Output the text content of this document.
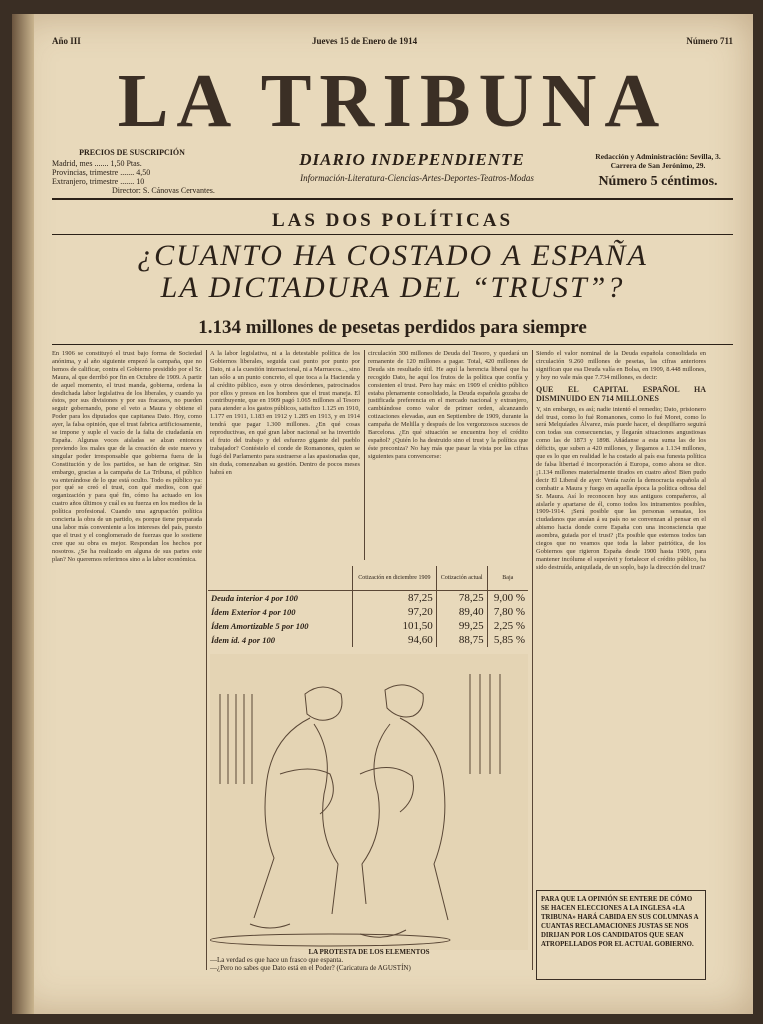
Año III	Jueves 15 de Enero de 1914	Número 711
LA TRIBUNA
PRECIOS DE SUSCRIPCIÓN
Madrid, mes ....... 1,50 Ptas.
Provincias, trimestre ....... 4,50
Extranjero, trimestre ....... 10
Director: S. Cánovas Cervantes.
DIARIO INDEPENDIENTE
Información-Literatura-Ciencias-Artes-Deportes-Teatros-Modas
Redacción y Administración: Sevilla, 3. Carrera de San Jerónimo, 29.
Número 5 céntimos.
LAS DOS POLÍTICAS
¿CUANTO HA COSTADO A ESPAÑA
LA DICTADURA DEL “TRUST”?
1.134 millones de pesetas perdidos para siempre
En 1906 se constituyó el trust bajo forma de Sociedad anónima, y al año siguiente empezó la campaña, que no hemos de calificar, contra el Gobierno presidido por el Sr. Maura, al que derribó por fin en Octubre de 1909. A partir de aquel momento, el trust manda, gobierna, ordena la desdichada labor legislativa de los liberales, y cuando ya éstos, por sus divisiones y por sus fracasos, no pueden seguir gobernando, pone el veto a Maura y obtiene el Poder para los diputados que capitanea Dato. Hoy, como ayer, la falsa opinión, que el trust fabrica artificiosamente, se impone y suple el vacío de la falta de ciudadanía en España. Algunas voces aisladas se alzan entonces previendo los males que de la creación de este nuevo y singular poder irresponsable que gobierna fuera de la Constitución y de los partidos, se han de originar. Sin embargo, gracias a la campaña de La Tribuna, el público va enterándose de lo que está oculto. Todo es público ya: por qué se creó el trust, con qué medios, con qué organización y para qué fin, cómo ha actuado en los cuatro años últimos y cuál es su fuerza en los medios de la política profesional. Cuando una agrupación política concierta la obra de un partido, es porque tiene preparada una labor más conveniente a los intereses del país, puesto que el trust y el conglomerado de fuerzas que lo sostiene cree que su obra es mejor. Respondan los hechos por nosotros. ¿Se ha realizado en alguna de sus partes este plan? No queremos referirnos sino a la labor económica.
A la labor legislativa, ni a la detestable política de los Gobiernos liberales, seguida casi punto por punto por Dato, ni a la cuestión internacional, ni a Marruecos..., sino tan sólo a un punto concreto, el que toca a la Hacienda y al crédito público, esos y otros desórdenes, patrocinados por ellos y presos en los hombres que el trust maneja. El contribuyente, que en 1909 pagó 1.065 millones al Tesoro para atender a los gastos públicos, satisfizo 1.125 en 1910, 1.177 en 1911, 1.183 en 1912 y 1.285 en 1913, y en 1914 tendrá que pagar 1.300 millones. ¿En qué cosas reproductivas, en qué gran labor nacional se ha invertido el fruto del trabajo y del esfuerzo gigante del pueblo trabajador? Contéstelo el conde de Romanones, quien se fugó del Parlamento para sustraerse a las apasionadas que, sin duda, comenzaban su gestión. Dentro de pocos meses habrá en
circulación 300 millones de Deuda del Tesoro, y quedará un remanente de 120 millones a pagar. Total, 420 millones de Deuda sin resultado útil. He aquí la herencia liberal que ha recogido Dato, he aquí los frutos de la política que confía y consienten el trust. Pero hay más: en 1909 el crédito público estaba plenamente consolidado, la Deuda española gozaba de justificada preferencia en el mercado nacional y extranjero, cambiándose como valor de primer orden, alcanzando cotizaciones elevadas, aun en Septiembre de 1909, durante la campaña de Melilla y después de los vergonzosos sucesos de Barcelona. ¿En qué situación se encuentra hoy el crédito español? ¿Quién lo ha destruido sino el trust y la política que éste preconiza? No hay más que pasar la vista por las cifras siguientes para convencerse:
Siendo el valor nominal de la Deuda española consolidada en circulación 9.260 millones de pesetas, las cifras anteriores significan que esa Deuda valía en Bolsa, en 1909, 8.448 millones, y hoy no vale más que 7.734 millones, es decir:
QUE EL CAPITAL ESPAÑOL HA DISMINUIDO EN 714 MILLONES
Y, sin embargo, es así; nadie intentó el remedio; Dato, prisionero del trust, como lo fué Romanones, como lo fué Moret, como lo será Melquíades Álvarez, más puede hacer, el despilfarro seguirá con todas sus consecuencias, y llegarán situaciones angustiosas como las de 1873 y 1898. Añádanse a esta suma las de los déficits, que suben a 420 millones, y llegamos a 1.134 millones, que es lo que en realidad le ha costado al país esa funesta política de falsa libertad é incorporación á Europa, como ahora se dice. ¡1.134 millones materialmente tirados en cuatro años! Bien pudo decir El Liberal de ayer: Venía razón la democracia española al combatir a Maura y fuego en aquella época la política odiosa del Sr. Maura. Así lo reconocen hoy sus antiguos compañeros, al aislarle y apartarse de él, como todos los intramentos posibles, 1909-1914. ¡Será posible que las personas sensatas, los ciudadanos que ansían á su país no se convenzan al pensar en el abismo hacia donde corre España con una inconsciencia que asombra, guiada por el trust? ¡Es posible que estemos todos tan ciegos que no veamos que toda la labor patriótica, de los Gobiernos que rigieron España desde 1900 hasta 1909, para mantener incólume el superávit y fortalecer el crédito público, ha sido destruída, aniquilada, de un soplo, bajo la dirección del trust?
	Cotización en diciembre 1909	Cotización actual	Baja
Deuda interior 4 por 100	87,25	78,25	9,00 %
Ídem Exterior 4 por 100	97,20	89,40	7,80 %
Ídem Amortizable 5 por 100	101,50	99,25	2,25 %
Ídem íd. 4 por 100	94,60	88,75	5,85 %
LA PROTESTA DE LOS ELEMENTOS
—La verdad es que hace un frasco que espanta.
—¿Pero no sabes que Dato está en el Poder? (Caricatura de AGUSTÍN)
PARA QUE LA OPINIÓN SE ENTERE DE CÓMO SE HACEN ELECCIONES A LA INGLESA «LA TRIBUNA» HARÁ CABIDA EN SUS COLUMNAS A CUANTAS RECLAMACIONES JUSTAS SE NOS DIRIJAN POR LOS CANDIDATOS QUE SEAN ATROPELLADOS POR EL ACTUAL GOBIERNO.
